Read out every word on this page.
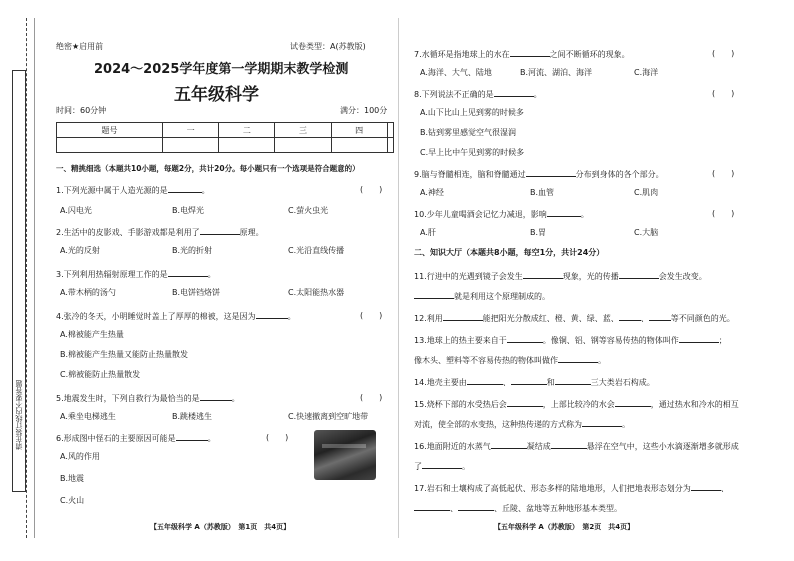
请在装订线内不要答题
绝密★启用前	试卷类型：A(苏教版)
2024～2025学年度第一学期期末教学检测
五年级科学
时间：60分钟	满分：100分
题号	一	二	三	四	

一、精挑细选（本题共10小题，每题2分，共计20分。每小题只有一个选项是符合题意的）
1.下列光源中属于人造光源的是	。	(　　)
A.闪电光	B.电焊光	C.萤火虫光
2.生活中的皮影戏、手影游戏都是利用了	原理。
A.光的反射	B.光的折射	C.光沿直线传播
3.下列利用热辐射原理工作的是	。
A.带木柄的汤勺	B.电饼铛烙饼	C.太阳能热水器
4.张冷的冬天，小明睡觉时盖上了厚厚的棉被，这是因为	。	(　　)
A.棉被能产生热量
B.棉被能产生热量又能防止热量散发
C.棉被能防止热量散发
5.地震发生时，下列自救行为最恰当的是	。	(　　)
A.乘坐电梯逃生	B.跳楼逃生	C.快速撤离到空旷地带
6.形成图中怪石的主要原因可能是	。	(　　)
A.风的作用
B.地震
C.火山
【五年级科学 A（苏教版）　第1页　共4页】
7.水循环是指地球上的水在	之间不断循环的现象。	(　　)
A.海洋、大气、陆地	B.河流、湖泊、海洋	C.海洋
8.下列说法不正确的是	。	(　　)
A.山下比山上见到雾的时候多
B.钻到雾里感觉空气很湿润
C.早上比中午见到雾的时候多
9.脑与脊髓相连，脑和脊髓通过	分布到身体的各个部分。	(　　)
A.神经	B.血管	C.肌肉
10.少年儿童喝酒会记忆力减退，影响	。	(　　)
A.肝	B.胃	C.大脑
二、知识大厅（本题共8小题，每空1分，共计24分）
11.行进中的光遇到镜子会发生	现象，光的传播	会发生改变。
就是利用这个原理制成的。
12.利用	能把阳光分散成红、橙、黄、绿、蓝、	、	等不同颜色的光。
13.地球上的热主要来自于	。像铜、铝、钢等容易传热的物体叫作	；
像木头、塑料等不容易传热的物体叫做作	。
14.地壳主要由	、	和	三大类岩石构成。
15.烧杯下部的水受热后会	，上部比较冷的水会	，通过热水和冷水的相互
对流，使全部的水变热，这种热传递的方式称为	。
16.地面附近的水蒸气	凝结成	悬浮在空气中，这些小水滴逐渐增多就形成
了	。
17.岩石和土壤构成了高低起伏、形态多样的陆地地形，人们把地表形态划分为	、
、	、丘陵、盆地等五种地形基本类型。
【五年级科学 A（苏教版）　第2页　共4页】
